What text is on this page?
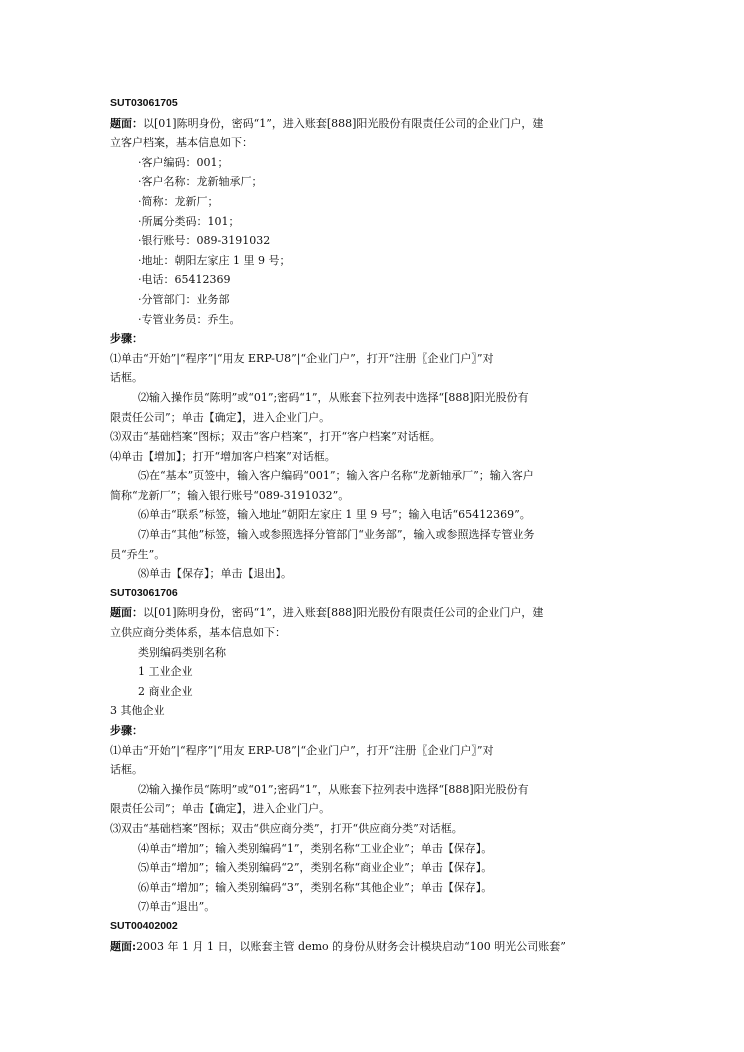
SUT03061705
题面：以[01]陈明身份，密码“1”，进入账套[888]阳光股份有限责任公司的企业门户，建
立客户档案，基本信息如下：
·客户编码：001；
·客户名称：龙新轴承厂；
·简称：龙新厂；
·所属分类码：101；
·银行账号：089-3191032
·地址：朝阳左家庄 1 里 9 号；
·电话：65412369
·分管部门：业务部
·专管业务员：乔生。
步骤：
⑴单击“开始”|“程序”|“用友 ERP-U8”|“企业门户”，打开“注册〖企业门户〗”对
话框。
⑵输入操作员“陈明”或“01”;密码“1”，从账套下拉列表中选择“[888]阳光股份有
限责任公司”；单击【确定】，进入企业门户。
⑶双击“基础档案”图标；双击“客户档案”，打开“客户档案”对话框。
⑷单击【增加】；打开“增加客户档案”对话框。
⑸在“基本”页签中，输入客户编码“001”；输入客户名称“龙新轴承厂”；输入客户
简称“龙新厂”；输入银行账号“089-3191032”。
⑹单击“联系”标签，输入地址“朝阳左家庄 1 里 9 号”；输入电话“65412369”。
⑺单击“其他”标签，输入或参照选择分管部门“业务部”，输入或参照选择专管业务
员“乔生”。
⑻单击【保存】；单击【退出】。
SUT03061706
题面：以[01]陈明身份，密码“1”，进入账套[888]阳光股份有限责任公司的企业门户，建
立供应商分类体系，基本信息如下：
类别编码类别名称
1 工业企业
2 商业企业
3 其他企业
步骤：
⑴单击“开始”|“程序”|“用友 ERP-U8”|“企业门户”，打开“注册〖企业门户〗”对
话框。
⑵输入操作员“陈明”或“01”;密码“1”，从账套下拉列表中选择“[888]阳光股份有
限责任公司”；单击【确定】，进入企业门户。
⑶双击“基础档案”图标；双击“供应商分类”，打开“供应商分类”对话框。
⑷单击“增加”；输入类别编码“1”，类别名称“工业企业”；单击【保存】。
⑸单击“增加”；输入类别编码“2”，类别名称“商业企业”；单击【保存】。
⑹单击“增加”；输入类别编码“3”，类别名称“其他企业”；单击【保存】。
⑺单击“退出”。
SUT00402002
题面:2003 年 1 月 1 日，以账套主管 demo 的身份从财务会计模块启动“100 明光公司账套”
